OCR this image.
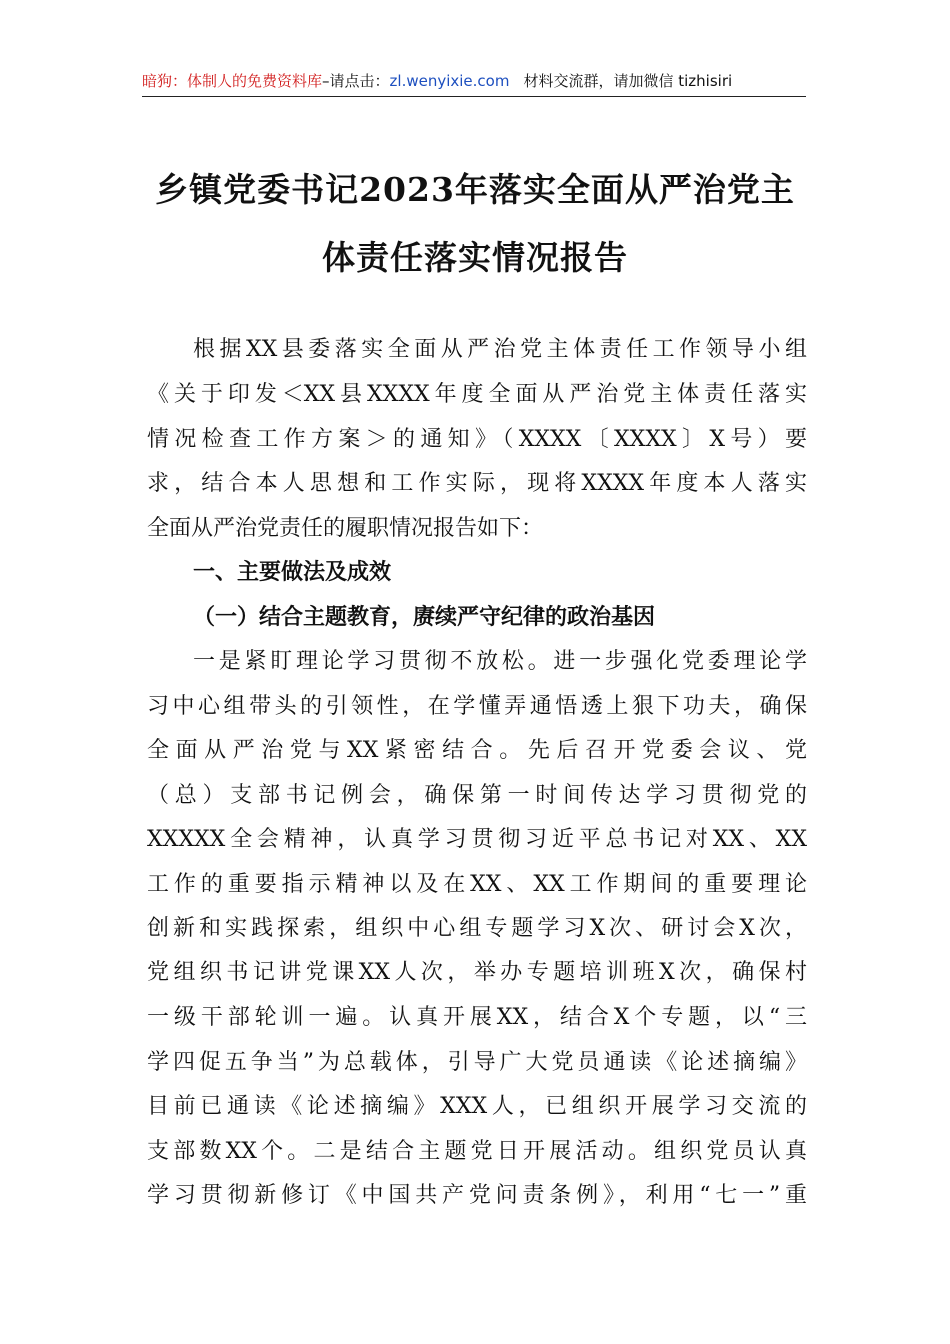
暗狗：体制人的免费资料库–请点击：zl.wenyixie.com 材料交流群，请加微信 tizhisiri
乡镇党委书记2023年落实全面从严治党主
体责任落实情况报告
根据XX县委落实全面从严治党主体责任工作领导小组
《关于印发＜XX县XXXX年度全面从严治党主体责任落实
情况检查工作方案＞的通知》（XXXX〔XXXX〕X号）要
求，结合本人思想和工作实际，现将XXXX年度本人落实
全面从严治党责任的履职情况报告如下：
一、主要做法及成效
（一）结合主题教育，赓续严守纪律的政治基因
一是紧盯理论学习贯彻不放松。进一步强化党委理论学
习中心组带头的引领性，在学懂弄通悟透上狠下功夫，确保
全面从严治党与XX紧密结合。先后召开党委会议、党
（总）支部书记例会，确保第一时间传达学习贯彻党的
XXXXX全会精神，认真学习贯彻习近平总书记对XX、XX
工作的重要指示精神以及在XX、XX工作期间的重要理论
创新和实践探索，组织中心组专题学习X次、研讨会X次，
党组织书记讲党课XX人次，举办专题培训班X次，确保村
一级干部轮训一遍。认真开展XX，结合X个专题，以“三
学四促五争当”为总载体，引导广大党员通读《论述摘编》
目前已通读《论述摘编》XXX人，已组织开展学习交流的
支部数XX个。二是结合主题党日开展活动。组织党员认真
学习贯彻新修订《中国共产党问责条例》，利用“七一”重
